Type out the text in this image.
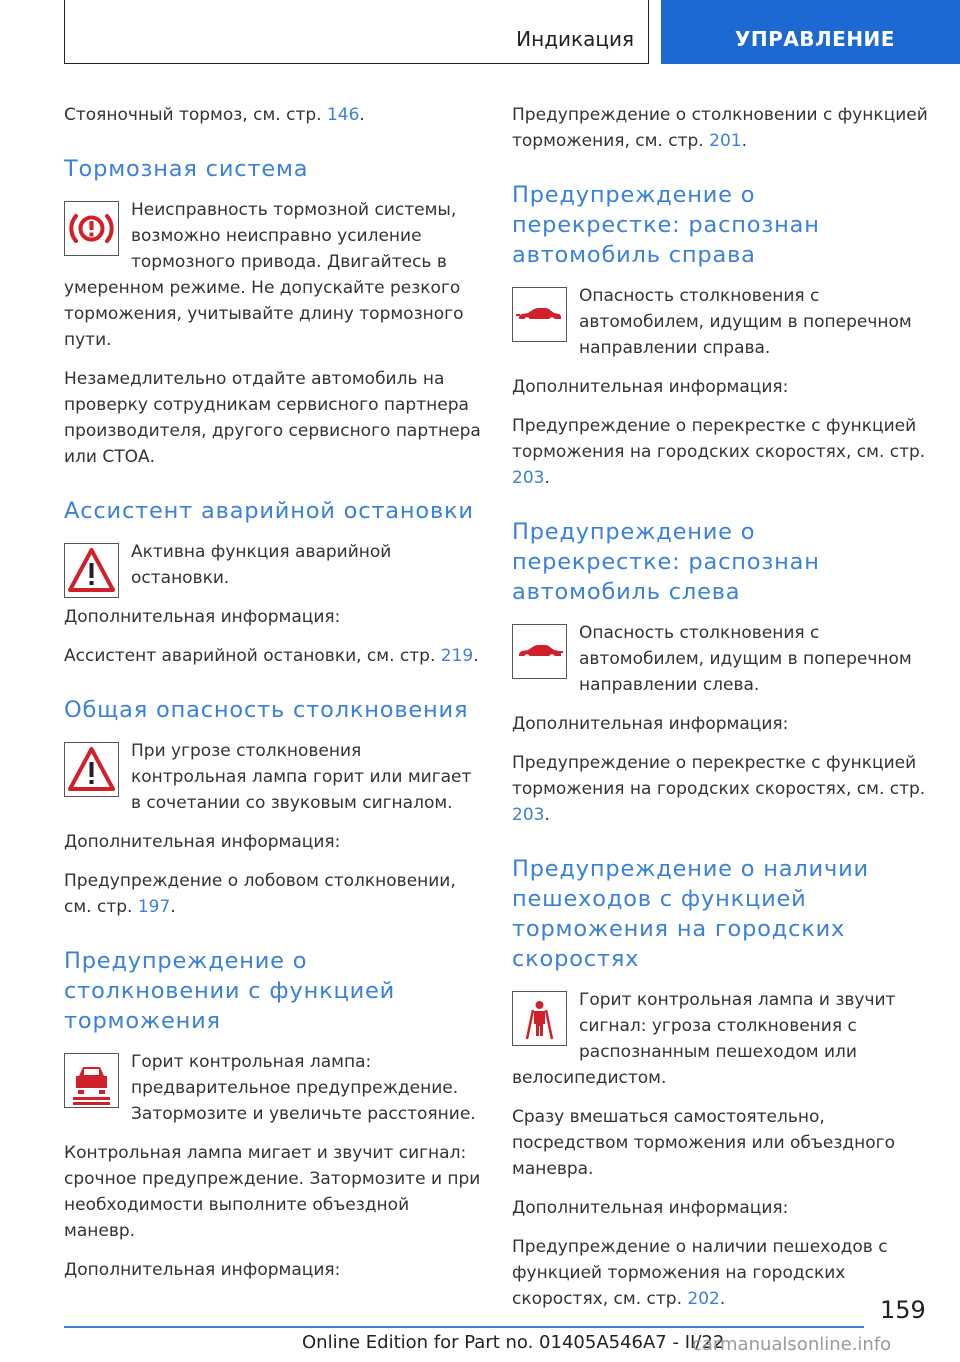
Индикация	УПРАВЛЕНИЕ

Стояночный тормоз, см. стр. 146.

Тормозная система

Неисправность тормозной системы, возможно неисправно усиление тормозного привода. Двигайтесь в умеренном режиме. Не допускайте резкого торможения, учитывайте длину тормозного пути.

Незамедлительно отдайте автомобиль на проверку сотрудникам сервисного партнера производителя, другого сервисного партнера или СТОА.

Ассистент аварийной остановки

Активна функция аварийной остановки.

Дополнительная информация:

Ассистент аварийной остановки, см. стр. 219.

Общая опасность столкновения

При угрозе столкновения контрольная лампа горит или мигает в сочетании со звуковым сигналом.

Дополнительная информация:

Предупреждение о лобовом столкновении, см. стр. 197.

Предупреждение о столкновении с функцией торможения

Горит контрольная лампа: предварительное предупреждение. Затормозите и увеличьте расстояние.

Контрольная лампа мигает и звучит сигнал: срочное предупреждение. Затормозите и при необходимости выполните объездной маневр.

Дополнительная информация:

Предупреждение о столкновении с функцией торможения, см. стр. 201.

Предупреждение о перекрестке: распознан автомобиль справа

Опасность столкновения с автомобилем, идущим в поперечном направлении справа.

Дополнительная информация:

Предупреждение о перекрестке с функцией торможения на городских скоростях, см. стр. 203.

Предупреждение о перекрестке: распознан автомобиль слева

Опасность столкновения с автомобилем, идущим в поперечном направлении слева.

Дополнительная информация:

Предупреждение о перекрестке с функцией торможения на городских скоростях, см. стр. 203.

Предупреждение о наличии пешеходов с функцией торможения на городских скоростях

Горит контрольная лампа и звучит сигнал: угроза столкновения с распознанным пешеходом или велосипедистом.

Сразу вмешаться самостоятельно, посредством торможения или объездного маневра.

Дополнительная информация:

Предупреждение о наличии пешеходов с функцией торможения на городских скоростях, см. стр. 202.	159
Online Edition for Part no. 01405A546A7 - II/22
carmanualsonline.info
